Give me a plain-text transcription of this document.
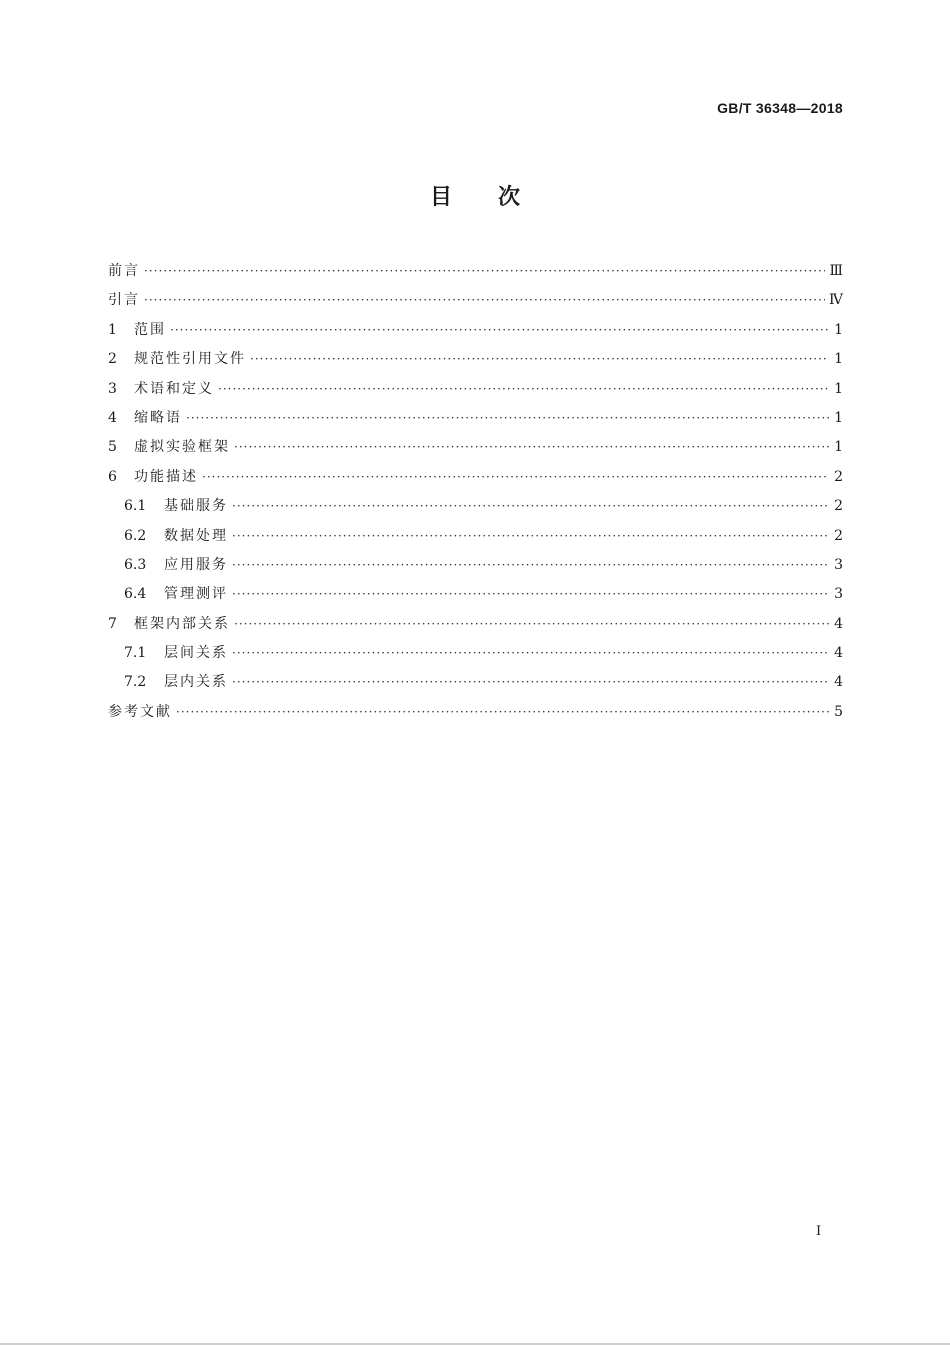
GB/T 36348—2018

目次
前言 ·····	Ⅲ
引言 ·····	Ⅳ
1	范围 ·····	1
2	规范性引用文件 ·····	1
3	术语和定义 ·····	1
4	缩略语 ·····	1
5	虚拟实验框架 ·····	1
6	功能描述 ·····	2
6.1	基础服务 ·····	2
6.2	数据处理 ·····	2
6.3	应用服务 ·····	3
6.4	管理测评 ·····	3
7	框架内部关系 ·····	4
7.1	层间关系 ·····	4
7.2	层内关系 ·····	4
参考文献 ·····	5

Ⅰ
